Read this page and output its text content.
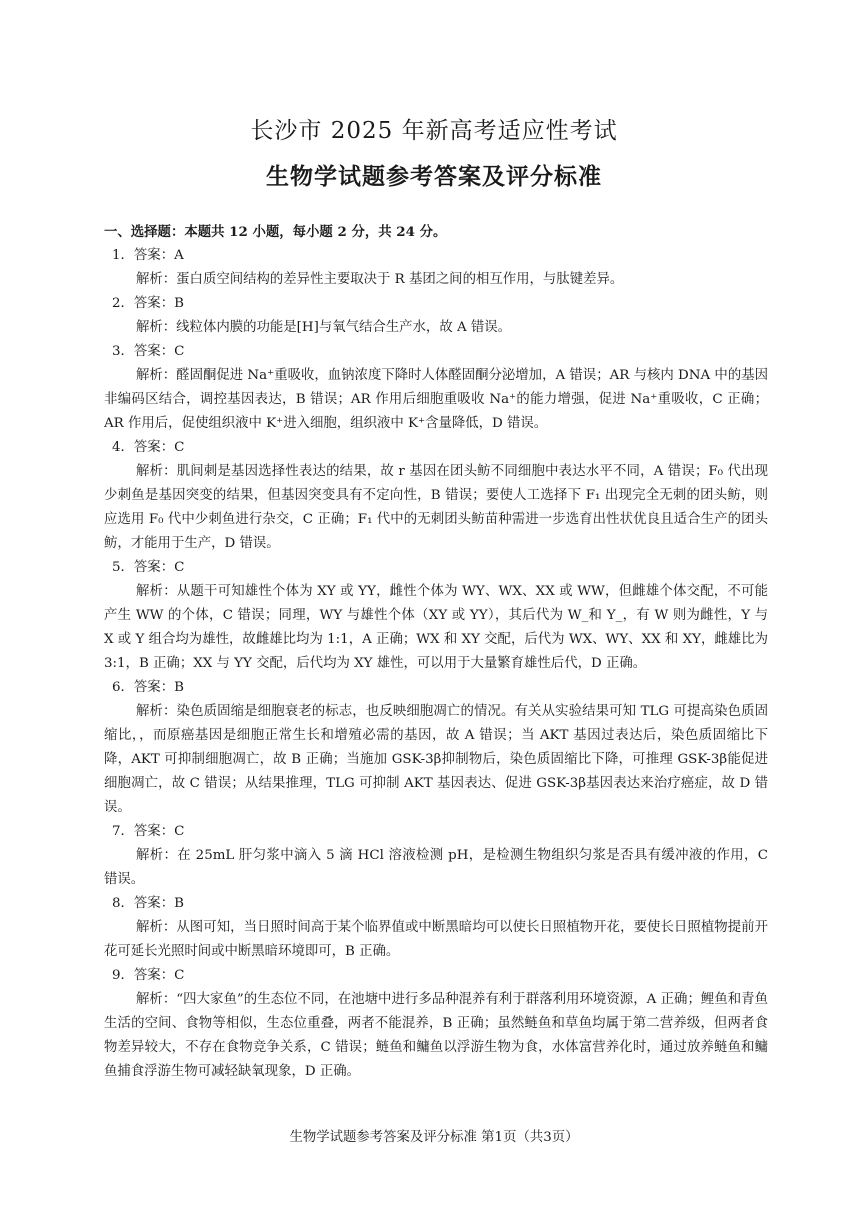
长沙市 2025 年新高考适应性考试
生物学试题参考答案及评分标准
一、选择题：本题共 12 小题，每小题 2 分，共 24 分。
1．答案：A
解析：蛋白质空间结构的差异性主要取决于 R 基团之间的相互作用，与肽键差异。
2．答案：B
解析：线粒体内膜的功能是[H]与氧气结合生产水，故 A 错误。
3．答案：C
解析：醛固酮促进 Na⁺重吸收，血钠浓度下降时人体醛固酮分泌增加，A 错误；AR 与核内 DNA 中的基因非编码区结合，调控基因表达，B 错误；AR 作用后细胞重吸收 Na⁺的能力增强，促进 Na⁺重吸收，C 正确；AR 作用后，促使组织液中 K⁺进入细胞，组织液中 K⁺含量降低，D 错误。
4．答案：C
解析：肌间刺是基因选择性表达的结果，故 r 基因在团头鲂不同细胞中表达水平不同，A 错误；F₀ 代出现少刺鱼是基因突变的结果，但基因突变具有不定向性，B 错误；要使人工选择下 F₁ 出现完全无刺的团头鲂，则应选用 F₀ 代中少刺鱼进行杂交，C 正确；F₁ 代中的无刺团头鲂苗种需进一步选育出性状优良且适合生产的团头鲂，才能用于生产，D 错误。
5．答案：C
解析：从题干可知雄性个体为 XY 或 YY，雌性个体为 WY、WX、XX 或 WW，但雌雄个体交配，不可能产生 WW 的个体，C 错误；同理，WY 与雄性个体（XY 或 YY），其后代为 W_和 Y_，有 W 则为雌性，Y 与 X 或 Y 组合均为雄性，故雌雄比均为 1:1，A 正确；WX 和 XY 交配，后代为 WX、WY、XX 和 XY，雌雄比为 3:1，B 正确；XX 与 YY 交配，后代均为 XY 雄性，可以用于大量繁育雄性后代，D 正确。
6．答案：B
解析：染色质固缩是细胞衰老的标志，也反映细胞凋亡的情况。有关从实验结果可知 TLG 可提高染色质固缩比，，而原癌基因是细胞正常生长和增殖必需的基因，故 A 错误；当 AKT 基因过表达后，染色质固缩比下降，AKT 可抑制细胞凋亡，故 B 正确；当施加 GSK-3β抑制物后，染色质固缩比下降，可推理 GSK-3β能促进细胞凋亡，故 C 错误；从结果推理，TLG 可抑制 AKT 基因表达、促进 GSK-3β基因表达来治疗癌症，故 D 错误。
7．答案：C
解析：在 25mL 肝匀浆中滴入 5 滴 HCl 溶液检测 pH，是检测生物组织匀浆是否具有缓冲液的作用，C 错误。
8．答案：B
解析：从图可知，当日照时间高于某个临界值或中断黑暗均可以使长日照植物开花，要使长日照植物提前开花可延长光照时间或中断黑暗环境即可，B 正确。
9．答案：C
解析：“四大家鱼”的生态位不同，在池塘中进行多品种混养有利于群落利用环境资源，A 正确；鲤鱼和青鱼生活的空间、食物等相似，生态位重叠，两者不能混养，B 正确；虽然鲢鱼和草鱼均属于第二营养级，但两者食物差异较大，不存在食物竞争关系，C 错误；鲢鱼和鳙鱼以浮游生物为食，水体富营养化时，通过放养鲢鱼和鳙鱼捕食浮游生物可减轻缺氧现象，D 正确。
生物学试题参考答案及评分标准 第1页（共3页）
